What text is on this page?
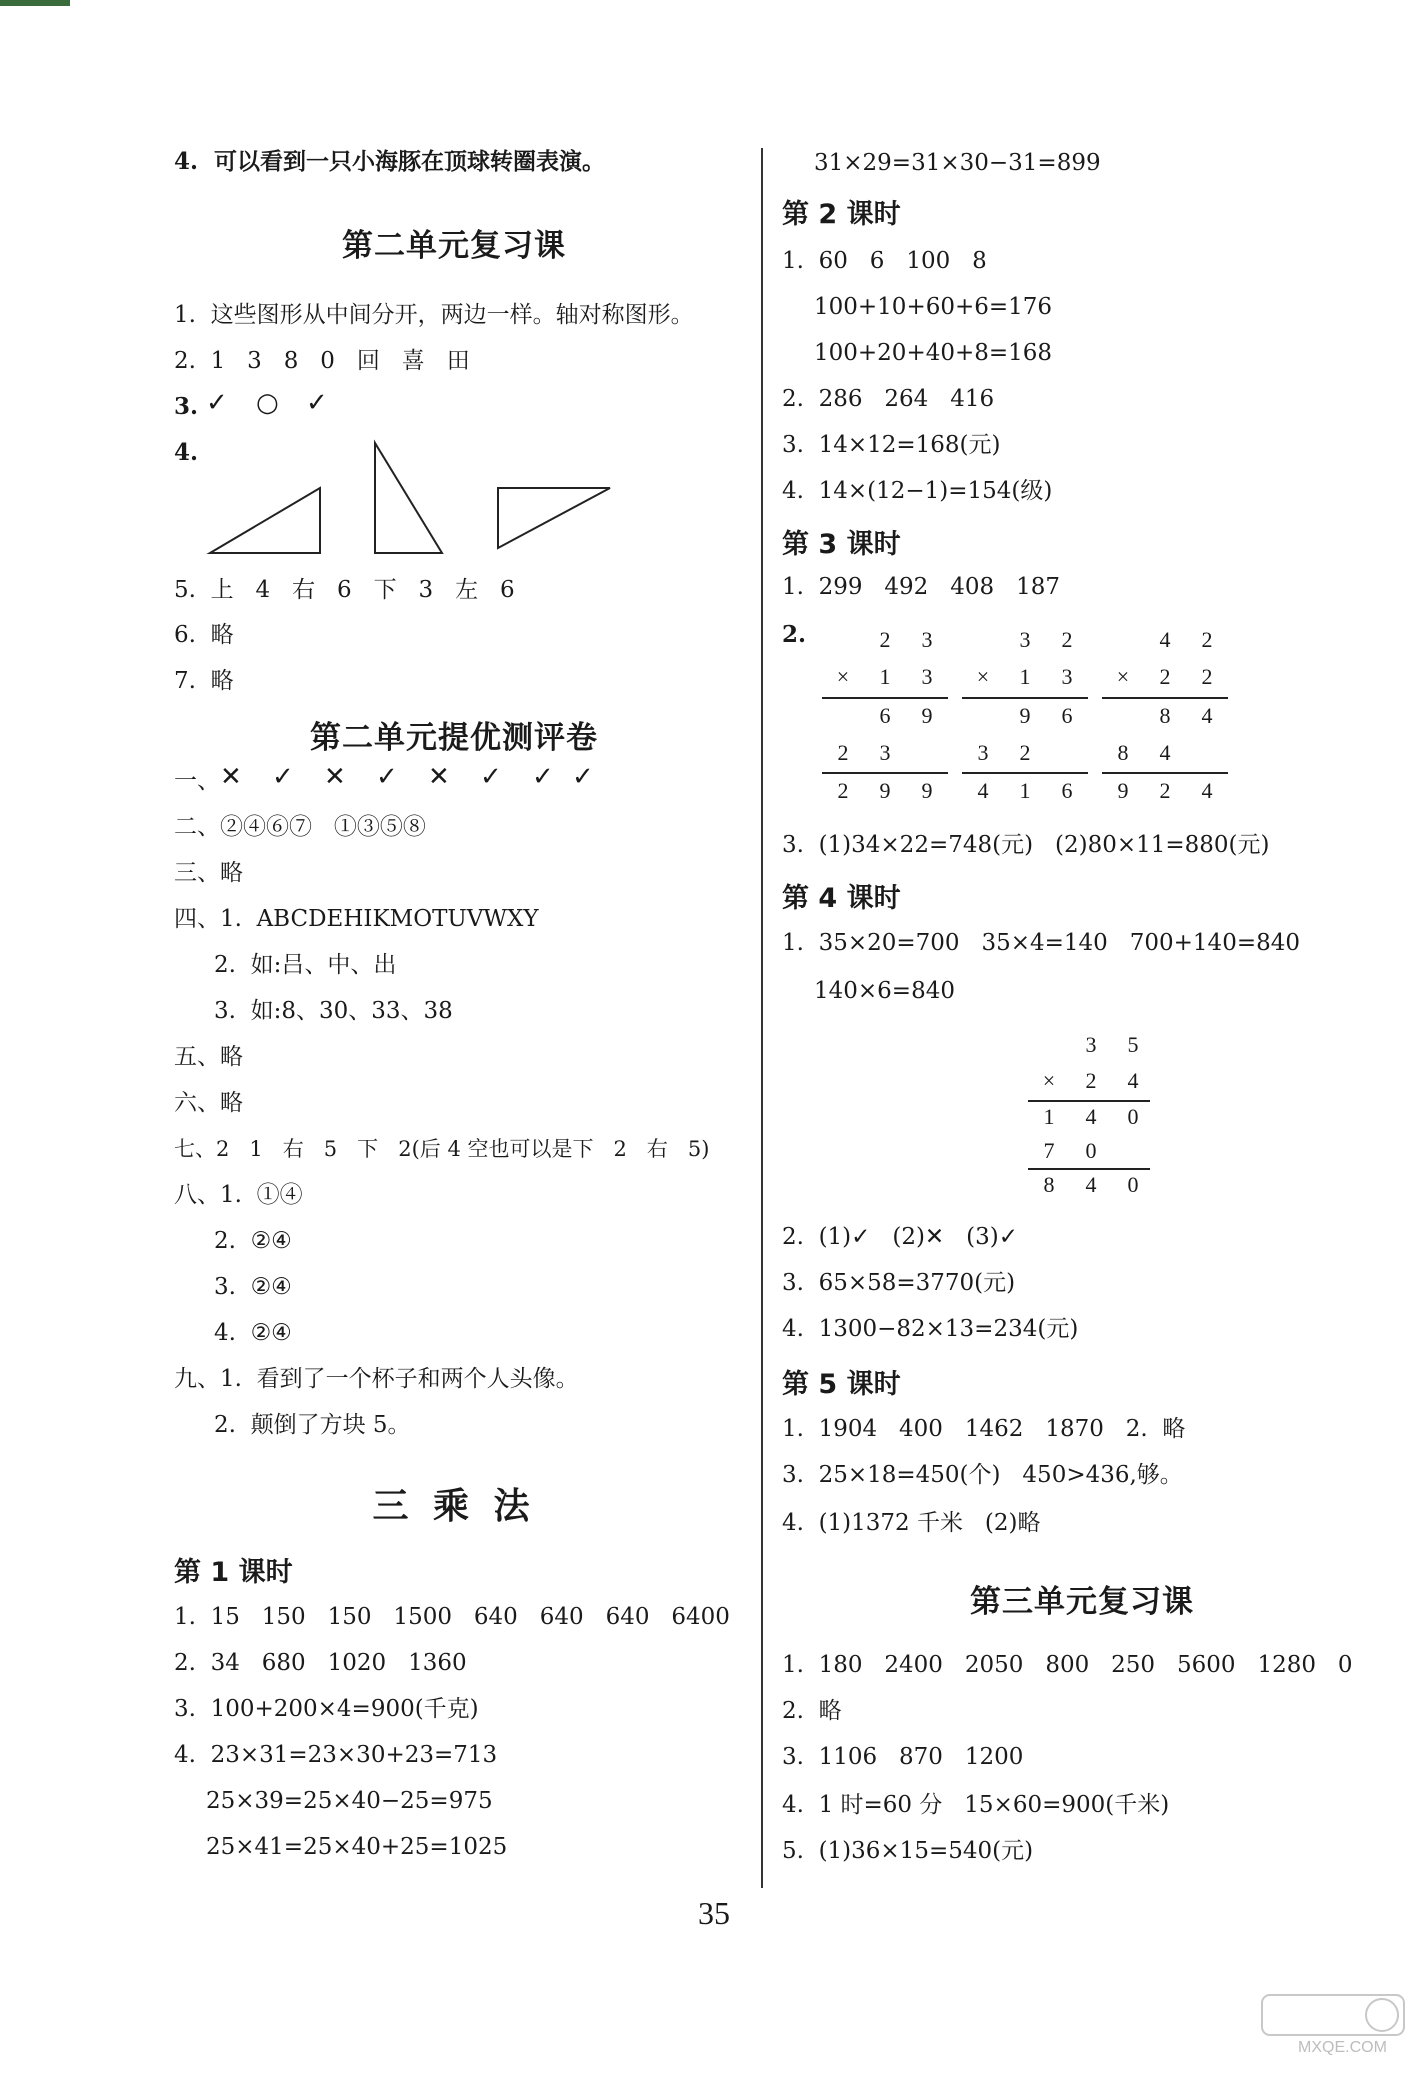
4.  可以看到一只小海豚在顶球转圈表演。
第二单元复习课
1.  这些图形从中间分开，两边一样。轴对称图形。
2.  1   3   8   0   回   喜   田
3. ✓ ○ ✓
4.
5.  上   4   右   6   下   3   左   6
6.  略
7.  略
第二单元提优测评卷
一、 ✕ ✓ ✕ ✓ ✕ ✓ ✓ ✓
二、②④⑥⑦   ①③⑤⑧
三、略
四、1.  ABCDEHIKMOTUVWXY
2.  如:吕、中、出
3.  如:8、30、33、38
五、略
六、略
七、2   1   右   5   下   2(后 4 空也可以是下   2   右   5)
八、1.  ①④
2.  ②④
3.  ②④
4.  ②④
九、1.  看到了一个杯子和两个人头像。
2.  颠倒了方块 5。
三 乘 法
第 1 课时
1.  15   150   150   1500   640   640   640   6400
2.  34   680   1020   1360
3.  100+200×4=900(千克)
4.  23×31=23×30+23=713
25×39=25×40−25=975
25×41=25×40+25=1025
31×29=31×30−31=899
第 2 课时
1.  60   6   100   8
100+10+60+6=176
100+20+40+8=168
2.  286   264   416
3.  14×12=168(元)
4.  14×(12−1)=154(级)
第 3 课时
1.  299   492   408   187
2.	2 3
× 1 3
6 9
2 3
2 9 9
3 2
× 1 3
9 6
3 2
4 1 6
4 2
× 2 2
8 4
8 4
9 2 4
3.  (1)34×22=748(元)   (2)80×11=880(元)
第 4 课时
1.  35×20=700   35×4=140   700+140=840
140×6=840
3 5
× 2 4
1 4 0
7 0
8 4 0
2.  (1)✓   (2)✕   (3)✓
3.  65×58=3770(元)
4.  1300−82×13=234(元)
第 5 课时
1.  1904   400   1462   1870   2.  略
3.  25×18=450(个)   450>436,够。
4.  (1)1372 千米   (2)略
第三单元复习课
1.  180   2400   2050   800   250   5600   1280   0
2.  略
3.  1106   870   1200
4.  1 时=60 分   15×60=900(千米)
5.  (1)36×15=540(元)
35
MXQE.COM
